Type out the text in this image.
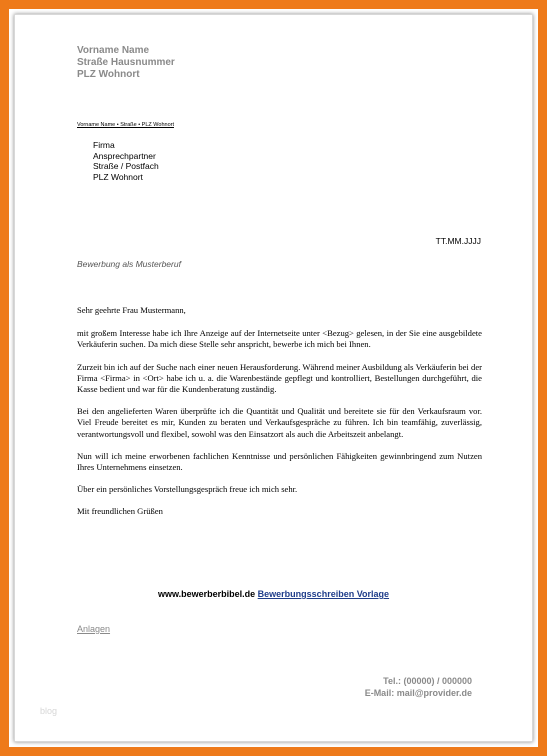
Vorname Name
Straße Hausnummer
PLZ Wohnort
Vorname Name • Straße • PLZ Wohnort
Firma
Ansprechpartner
Straße / Postfach
PLZ Wohnort
TT.MM.JJJJ
Bewerbung als Musterberuf

Sehr geehrte Frau Mustermann,

mit großem Interesse habe ich Ihre Anzeige auf der Internetseite unter <Bezug> gelesen, in der Sie eine ausgebildete Verkäuferin suchen. Da mich diese Stelle sehr anspricht, bewerbe ich mich bei Ihnen.

Zurzeit bin ich auf der Suche nach einer neuen Herausforderung. Während meiner Ausbildung als Verkäuferin bei der Firma <Firma> in <Ort> habe ich u. a. die Warenbestände gepflegt und kontrolliert, Bestellungen durchgeführt, die Kasse bedient und war für die Kundenberatung zuständig.

Bei den angelieferten Waren überprüfte ich die Quantität und Qualität und bereitete sie für den Verkaufsraum vor. Viel Freude bereitet es mir, Kunden zu beraten und Verkaufsgespräche zu führen. Ich bin teamfähig, zuverlässig, verantwortungsvoll und flexibel, sowohl was den Einsatzort als auch die Arbeitszeit anbelangt.

Nun will ich meine erworbenen fachlichen Kenntnisse und persönlichen Fähigkeiten gewinnbringend zum Nutzen Ihres Unternehmens einsetzen.

Über ein persönliches Vorstellungsgespräch freue ich mich sehr.

Mit freundlichen Grüßen

www.bewerberbibel.de Bewerbungsschreiben Vorlage
Anlagen
Tel.: (00000) / 000000
E-Mail: mail@provider.de
blog
